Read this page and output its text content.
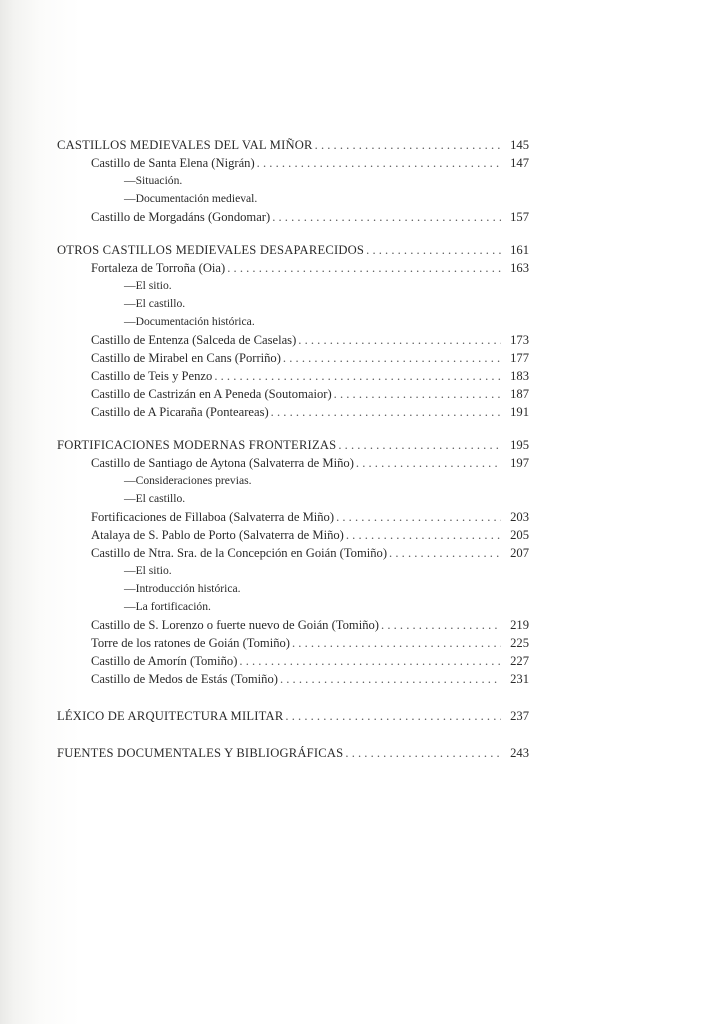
CASTILLOS MEDIEVALES DEL VAL MIÑOR . . .	145
Castillo de Santa Elena (Nigrán) . . .	147
—Situación.
—Documentación medieval.
Castillo de Morgadáns (Gondomar) . . .	157
OTROS CASTILLOS MEDIEVALES DESAPARECIDOS . . .	161
Fortaleza de Torroña (Oia) . . .	163
—El sitio.
—El castillo.
—Documentación histórica.
Castillo de Entenza (Salceda de Caselas) . . .	173
Castillo de Mirabel en Cans (Porriño) . . .	177
Castillo de Teis y Penzo . . .	183
Castillo de Castrizán en A Peneda (Soutomaior) . . .	187
Castillo de A Picaraña (Ponteareas) . . .	191
FORTIFICACIONES MODERNAS FRONTERIZAS . . .	195
Castillo de Santiago de Aytona (Salvaterra de Miño) . . .	197
—Consideraciones previas.
—El castillo.
Fortificaciones de Fillaboa (Salvaterra de Miño) . . .	203
Atalaya de S. Pablo de Porto (Salvaterra de Miño) . . .	205
Castillo de Ntra. Sra. de la Concepción en Goián (Tomiño) . . .	207
—El sitio.
—Introducción histórica.
—La fortificación.
Castillo de S. Lorenzo o fuerte nuevo de Goián (Tomiño) . . .	219
Torre de los ratones de Goián (Tomiño) . . .	225
Castillo de Amorín (Tomiño) . . .	227
Castillo de Medos de Estás (Tomiño) . . .	231
LÉXICO DE ARQUITECTURA MILITAR . . .	237
FUENTES DOCUMENTALES Y BIBLIOGRÁFICAS . . .	243
